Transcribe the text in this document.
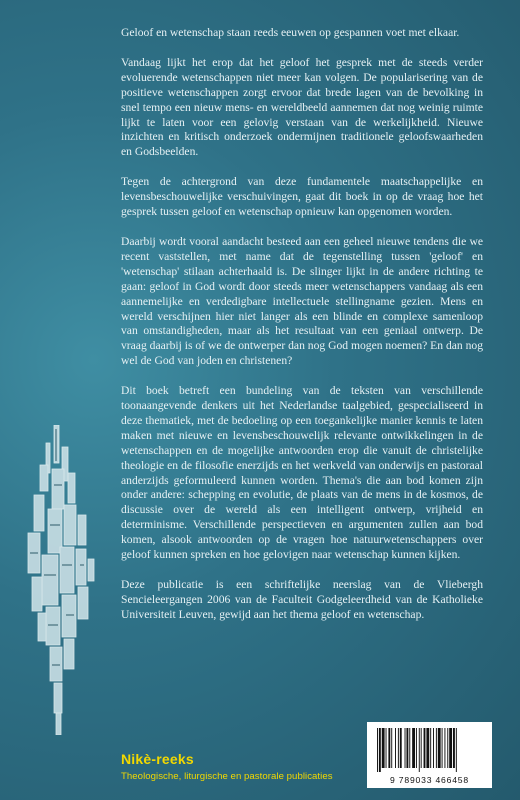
Geloof en wetenschap staan reeds eeuwen op gespannen voet met elkaar.

Vandaag lijkt het erop dat het geloof het gesprek met de steeds verder evoluerende wetenschappen niet meer kan volgen. De popularisering van de positieve wetenschappen zorgt ervoor dat brede lagen van de bevolking in snel tempo een nieuw mens- en wereldbeeld aannemen dat nog weinig ruimte lijkt te laten voor een gelovig verstaan van de werkelijkheid. Nieuwe inzichten en kritisch onderzoek ondermijnen traditionele geloofswaarheden en Godsbeelden.

Tegen de achtergrond van deze fundamentele maatschappelijke en levensbeschouwelijke verschuivingen, gaat dit boek in op de vraag hoe het gesprek tussen geloof en wetenschap opnieuw kan opgenomen worden.

Daarbij wordt vooral aandacht besteed aan een geheel nieuwe tendens die we recent vaststellen, met name dat de tegenstelling tussen 'geloof' en 'wetenschap' stilaan achterhaald is. De slinger lijkt in de andere richting te gaan: geloof in God wordt door steeds meer wetenschappers vandaag als een aannemelijke en verdedigbare intellectuele stellingname gezien. Mens en wereld verschijnen hier niet langer als een blinde en complexe samenloop van omstandigheden, maar als het resultaat van een geniaal ontwerp. De vraag daarbij is of we de ontwerper dan nog God mogen noemen? En dan nog wel de God van joden en christenen?

Dit boek betreft een bundeling van de teksten van verschillende toonaangevende denkers uit het Nederlandse taalgebied, gespecialiseerd in deze thematiek, met de bedoeling op een toegankelijke manier kennis te laten maken met nieuwe en levensbeschouwelijk relevante ontwikkelingen in de wetenschappen en de mogelijke antwoorden erop die vanuit de christelijke theologie en de filosofie enerzijds en het werkveld van onderwijs en pastoraal anderzijds geformuleerd kunnen worden. Thema's die aan bod komen zijn onder andere: schepping en evolutie, de plaats van de mens in de kosmos, de discussie over de wereld als een intelligent ontwerp, vrijheid en determinisme. Verschillende perspectieven en argumenten zullen aan bod komen, alsook antwoorden op de vragen hoe natuurwetenschappers over geloof kunnen spreken en hoe gelovigen naar wetenschap kunnen kijken.

Deze publicatie is een schriftelijke neerslag van de Vliebergh Sencieleergangen 2006 van de Faculteit Godgeleerdheid van de Katholieke Universiteit Leuven, gewijd aan het thema geloof en wetenschap.

Nikè-reeks
Theologische, liturgische en pastorale publicaties	9 789033 466458
